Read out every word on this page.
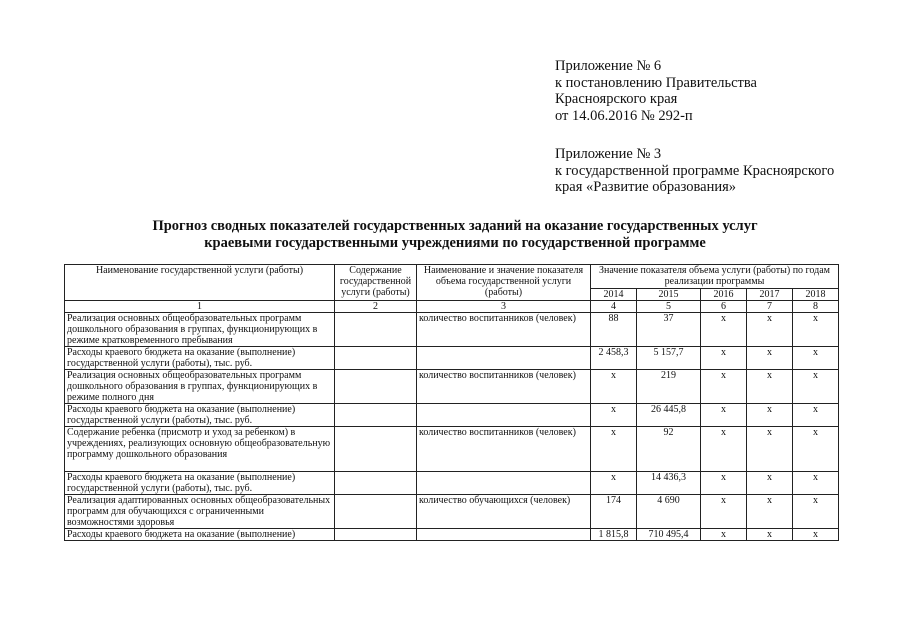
Приложение № 6
к постановлению Правительства
Красноярского края
от 14.06.2016 № 292-п
Приложение № 3
к государственной программе Красноярского
края «Развитие образования»
Прогноз сводных показателей государственных заданий на оказание государственных услуг
краевыми государственными учреждениями по государственной программе
Наименование государственной услуги (работы)	Содержание государственной услуги (работы)	Наименование и значение показателя объема государственной услуги (работы)	Значение показателя объема услуги (работы) по годам реализации программы				
			2014	2015	2016	2017	2018
1	2	3	4	5	6	7	8
Реализация основных общеобразовательных программ дошкольного образования в группах, функционирующих в режиме кратковременного пребывания		количество воспитанников (человек)	88	37	х	х	х
Расходы краевого бюджета на оказание (выполнение) государственной услуги (работы), тыс. руб.			2 458,3	5 157,7	х	х	х
Реализация основных общеобразовательных программ дошкольного образования в группах, функционирующих в режиме полного дня		количество воспитанников (человек)	х	219	х	х	х
Расходы краевого бюджета на оказание (выполнение) государственной услуги (работы), тыс. руб.			х	26 445,8	х	х	х
Содержание ребенка (присмотр и уход за ребенком) в учреждениях, реализующих основную общеобразовательную программу дошкольного образования		количество воспитанников (человек)	х	92	х	х	х
Расходы краевого бюджета на оказание (выполнение) государственной услуги (работы), тыс. руб.			х	14 436,3	х	х	х
Реализация адаптированных основных общеобразовательных программ для обучающихся с ограниченными возможностями здоровья		количество обучающихся (человек)	174	4 690	х	х	х
Расходы краевого бюджета на оказание (выполнение)			1 815,8	710 495,4	х	х	х
